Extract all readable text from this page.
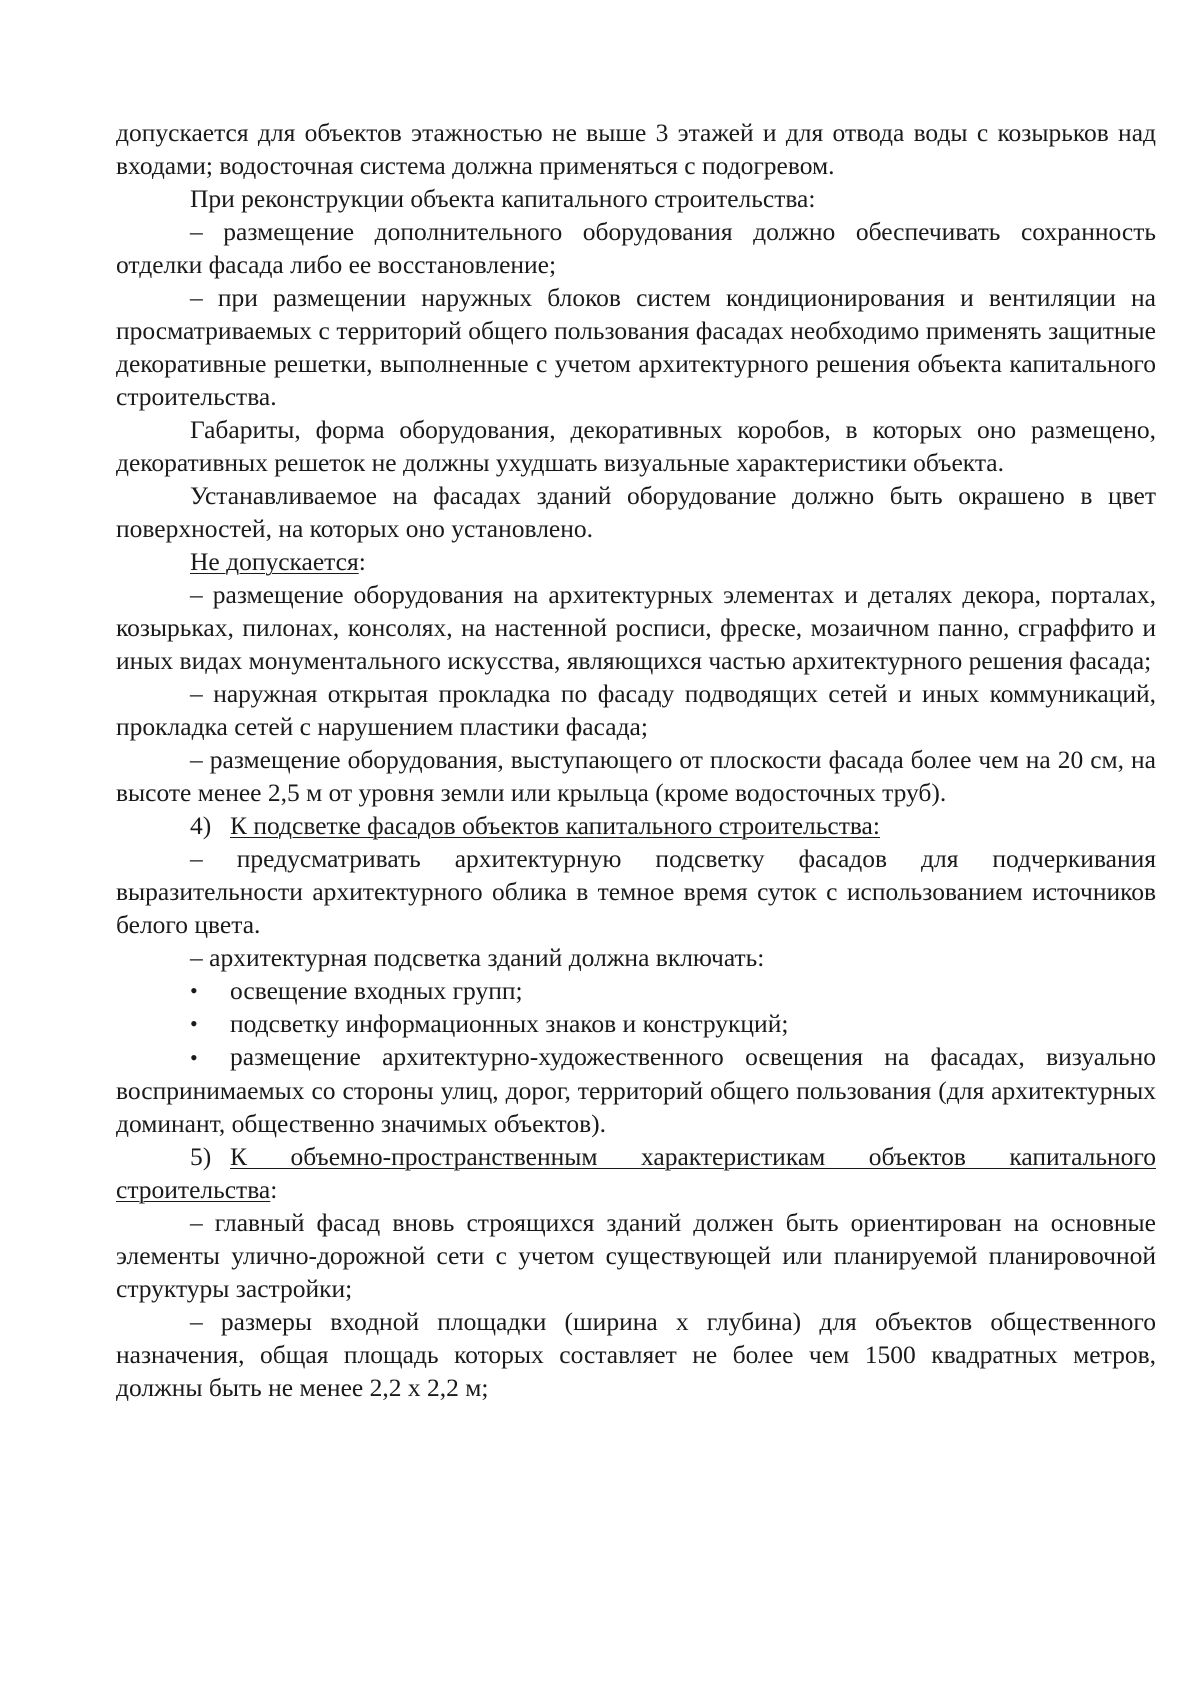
допускается для объектов этажностью не выше 3 этажей и для отвода воды с козырьков над входами; водосточная система должна применяться с подогревом.

При реконструкции объекта капитального строительства:

– размещение дополнительного оборудования должно обеспечивать сохранность отделки фасада либо ее восстановление;

– при размещении наружных блоков систем кондиционирования и вентиляции на просматриваемых с территорий общего пользования фасадах необходимо применять защитные декоративные решетки, выполненные с учетом архитектурного решения объекта капитального строительства.

Габариты, форма оборудования, декоративных коробов, в которых оно размещено, декоративных решеток не должны ухудшать визуальные характеристики объекта.

Устанавливаемое на фасадах зданий оборудование должно быть окрашено в цвет поверхностей, на которых оно установлено.

Не допускается:

– размещение оборудования на архитектурных элементах и деталях декора, порталах, козырьках, пилонах, консолях, на настенной росписи, фреске, мозаичном панно, сграффито и иных видах монументального искусства, являющихся частью архитектурного решения фасада;

– наружная открытая прокладка по фасаду подводящих сетей и иных коммуникаций, прокладка сетей с нарушением пластики фасада;

– размещение оборудования, выступающего от плоскости фасада более чем на 20 см, на высоте менее 2,5 м от уровня земли или крыльца (кроме водосточных труб).

4) К подсветке фасадов объектов капитального строительства:

– предусматривать архитектурную подсветку фасадов для подчеркивания выразительности архитектурного облика в темное время суток с использованием источников белого цвета.

– архитектурная подсветка зданий должна включать:

•	освещение входных групп;
•	подсветку информационных знаков и конструкций;

• размещение архитектурно-художественного освещения на фасадах, визуально воспринимаемых со стороны улиц, дорог, территорий общего пользования (для архитектурных доминант, общественно значимых объектов).

5) К объемно-пространственным характеристикам объектов капитального строительства:

– главный фасад вновь строящихся зданий должен быть ориентирован на основные элементы улично-дорожной сети с учетом существующей или планируемой планировочной структуры застройки;

– размеры входной площадки (ширина х глубина) для объектов общественного назначения, общая площадь которых составляет не более чем 1500 квадратных метров, должны быть не менее 2,2 х 2,2 м;
